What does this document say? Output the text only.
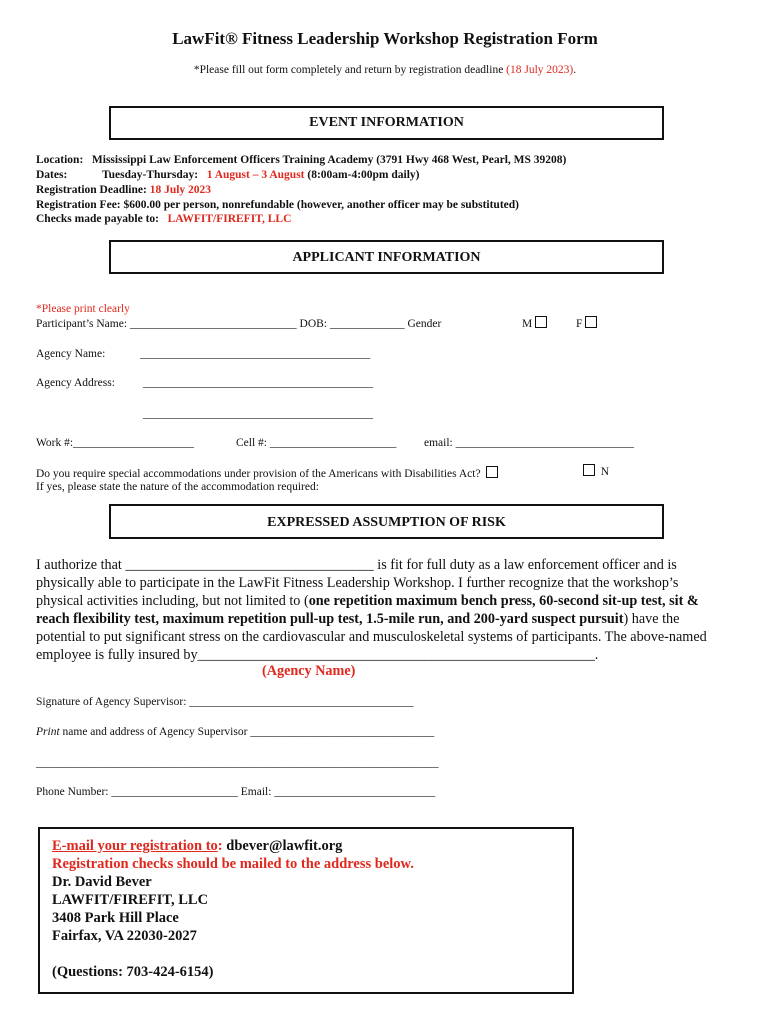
LawFit® Fitness Leadership Workshop Registration Form
*Please fill out form completely and return by registration deadline (18 July 2023).
EVENT INFORMATION
Location: Mississippi Law Enforcement Officers Training Academy (3791 Hwy 468 West, Pearl, MS 39208)
Dates:	Tuesday-Thursday: 1 August – 3 August (8:00am-4:00pm daily)
Registration Deadline: 18 July 2023
Registration Fee: $600.00 per person, nonrefundable (however, another officer may be substituted)
Checks made payable to: LAWFIT/FIREFIT, LLC
APPLICANT INFORMATION
*Please print clearly
Participant’s Name: _____________________________ DOB: _____________ Gender	M	F
Agency Name:	________________________________________
Agency Address: ________________________________________
________________________________________
Work #:_____________________	Cell #: ______________________ email: _______________________________
Do you require special accommodations under provision of the Americans with Disabilities Act?	N
If yes, please state the nature of the accommodation required:
EXPRESSED ASSUMPTION OF RISK
I authorize that ___________________________________ is fit for full duty as a law enforcement officer and is physically able to participate in the LawFit Fitness Leadership Workshop. I further recognize that the workshop’s physical activities including, but not limited to (one repetition maximum bench press, 60-second sit-up test, sit & reach flexibility test, maximum repetition pull-up test, 1.5-mile run, and 200-yard suspect pursuit) have the potential to put significant stress on the cardiovascular and musculoskeletal systems of participants. The above-named employee is fully insured by________________________________________________________.
(Agency Name)
Signature of Agency Supervisor: _______________________________________
Print name and address of Agency Supervisor ________________________________
______________________________________________________________________
Phone Number: ______________________ Email: ____________________________
E-mail your registration to: dbever@lawfit.org
Registration checks should be mailed to the address below.
Dr. David Bever
LAWFIT/FIREFIT, LLC
3408 Park Hill Place
Fairfax, VA 22030-2027
(Questions: 703-424-6154)
